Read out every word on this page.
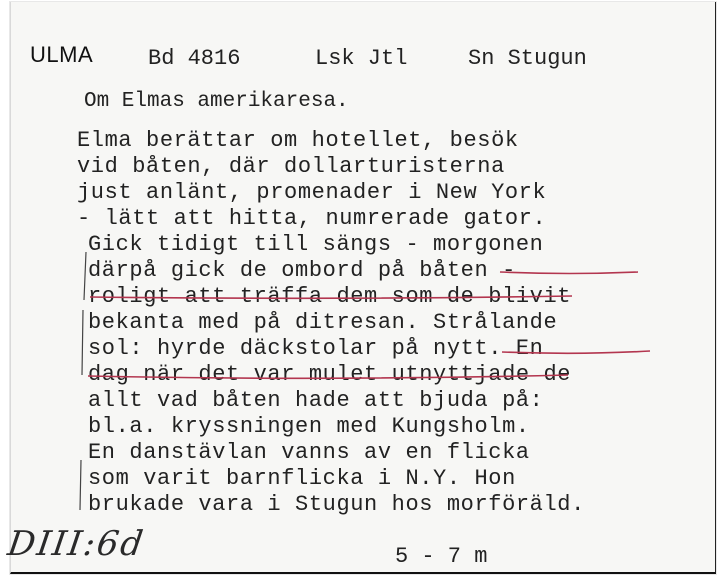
ULMA Bd 4816	Lsk Jtl	Sn Stugun
Om Elmas amerikaresa.
Elma berättar om hotellet, besök
vid båten, där dollarturisterna
just anlänt, promenader i New York
- lätt att hitta, numrerade gator.
Gick tidigt till sängs - morgonen
därpå gick de ombord på båten -
roligt att träffa dem som de blivit
bekanta med på ditresan. Strålande
sol: hyrde däckstolar på nytt. En
dag när det var mulet utnyttjade de
allt vad båten hade att bjuda på:
bl.a. kryssningen med Kungsholm.
En danstävlan vanns av en flicka
som varit barnflicka i N.Y. Hon
brukade vara i Stugun hos morföräld.
DIII:6d	5 - 7 m
